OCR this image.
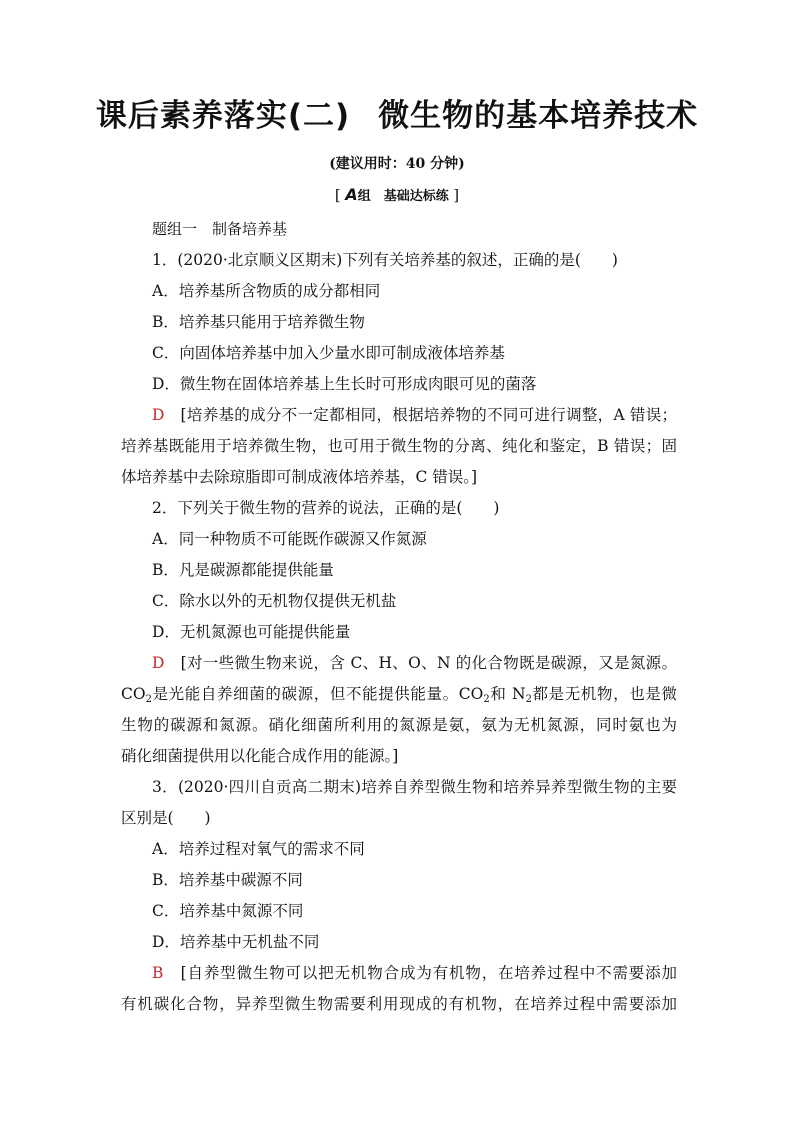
课后素养落实(二) 微生物的基本培养技术
(建议用时：40 分钟)
[ A组　基础达标练 ]
题组一　制备培养基
1．(2020·北京顺义区期末)下列有关培养基的叙述，正确的是(　　)
A．培养基所含物质的成分都相同
B．培养基只能用于培养微生物
C．向固体培养基中加入少量水即可制成液体培养基
D．微生物在固体培养基上生长时可形成肉眼可见的菌落
D　 [培养基的成分不一定都相同，根据培养物的不同可进行调整，A 错误；
培养基既能用于培养微生物，也可用于微生物的分离、纯化和鉴定，B 错误；固
体培养基中去除琼脂即可制成液体培养基，C 错误。]
2．下列关于微生物的营养的说法，正确的是(　　)
A．同一种物质不可能既作碳源又作氮源
B．凡是碳源都能提供能量
C．除水以外的无机物仅提供无机盐
D．无机氮源也可能提供能量
D　 [对一些微生物来说，含 C、H、O、N 的化合物既是碳源，又是氮源。
$CO_2$是光能自养细菌的碳源，但不能提供能量。$CO_2$和 $N_2$都是无机物，也是微
生物的碳源和氮源。硝化细菌所利用的氮源是氨，氨为无机氮源，同时氨也为
硝化细菌提供用以化能合成作用的能源。]
3．(2020·四川自贡高二期末)培养自养型微生物和培养异养型微生物的主要
区别是(　　)
A．培养过程对氧气的需求不同
B．培养基中碳源不同
C．培养基中氮源不同
D．培养基中无机盐不同
B　 [自养型微生物可以把无机物合成为有机物，在培养过程中不需要添加
有机碳化合物，异养型微生物需要利用现成的有机物，在培养过程中需要添加
